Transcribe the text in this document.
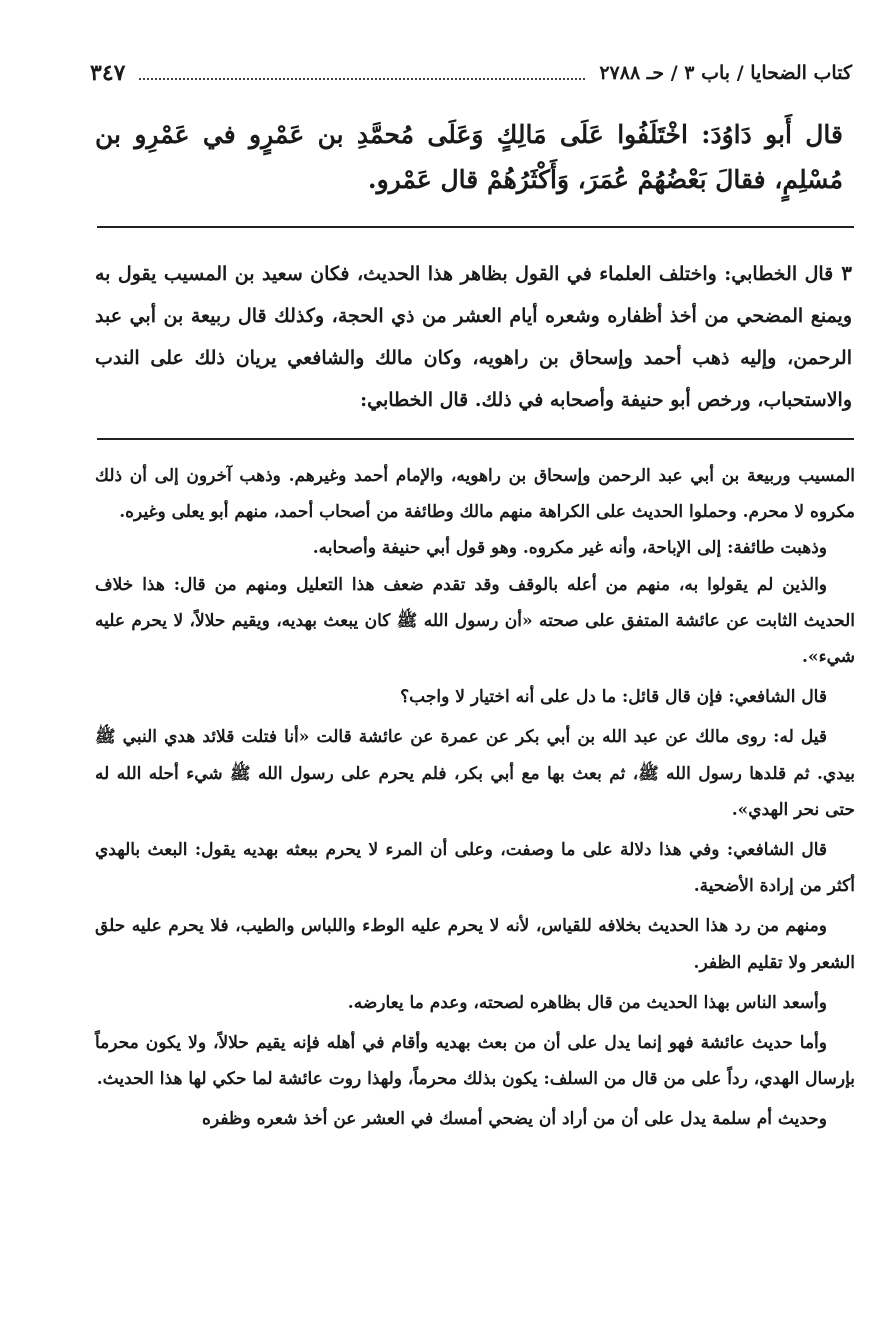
كتاب الضحايا / باب ٣ / حـ ٢٧٨٨
٣٤٧
قال أَبو دَاوُدَ: اخْتَلَفُوا عَلَى مَالِكٍ وَعَلَى مُحمَّدِ بن عَمْرٍو في عَمْرِو بن مُسْلِمٍ، فقالَ بَعْضُهُمْ عُمَرَ، وَأَكْثَرُهُمْ قال عَمْرو.
٣قال الخطابي: واختلف العلماء في القول بظاهر هذا الحديث، فكان سعيد بن المسيب يقول به ويمنع المضحي من أخذ أظفاره وشعره أيام العشر من ذي الحجة، وكذلك قال ربيعة بن أبي عبد الرحمن، وإليه ذهب أحمد وإسحاق بن راهويه، وكان مالك والشافعي يريان ذلك على الندب والاستحباب، ورخص أبو حنيفة وأصحابه في ذلك. قال الخطابي:

المسيب وربيعة بن أبي عبد الرحمن وإسحاق بن راهويه، والإمام أحمد وغيرهم. وذهب آخرون إلى أن ذلك مكروه لا محرم. وحملوا الحديث على الكراهة منهم مالك وطائفة من أصحاب أحمد، منهم أبو يعلى وغيره.

وذهبت طائفة: إلى الإباحة، وأنه غير مكروه. وهو قول أبي حنيفة وأصحابه.

والذين لم يقولوا به، منهم من أعله بالوقف وقد تقدم ضعف هذا التعليل ومنهم من قال: هذا خلاف الحديث الثابت عن عائشة المتفق على صحته «أن رسول الله ﷺ كان يبعث بهديه، ويقيم حلالاً، لا يحرم عليه شيء».

قال الشافعي: فإن قال قائل: ما دل على أنه اختيار لا واجب؟

قيل له: روى مالك عن عبد الله بن أبي بكر عن عمرة عن عائشة قالت «أنا فتلت قلائد هدي النبي ﷺ بيدي. ثم قلدها رسول الله ﷺ، ثم بعث بها مع أبي بكر، فلم يحرم على رسول الله ﷺ شيء أحله الله له حتى نحر الهدي».

قال الشافعي: وفي هذا دلالة على ما وصفت، وعلى أن المرء لا يحرم ببعثه بهديه يقول: البعث بالهدي أكثر من إرادة الأضحية.

ومنهم من رد هذا الحديث بخلافه للقياس، لأنه لا يحرم عليه الوطء واللباس والطيب، فلا يحرم عليه حلق الشعر ولا تقليم الظفر.

وأسعد الناس بهذا الحديث من قال بظاهره لصحته، وعدم ما يعارضه.

وأما حديث عائشة فهو إنما يدل على أن من بعث بهديه وأقام في أهله فإنه يقيم حلالاً، ولا يكون محرماً بإرسال الهدي، رداً على من قال من السلف: يكون بذلك محرماً، ولهذا روت عائشة لما حكي لها هذا الحديث.

وحديث أم سلمة يدل على أن من أراد أن يضحي أمسك في العشر عن أخذ شعره وظفره
